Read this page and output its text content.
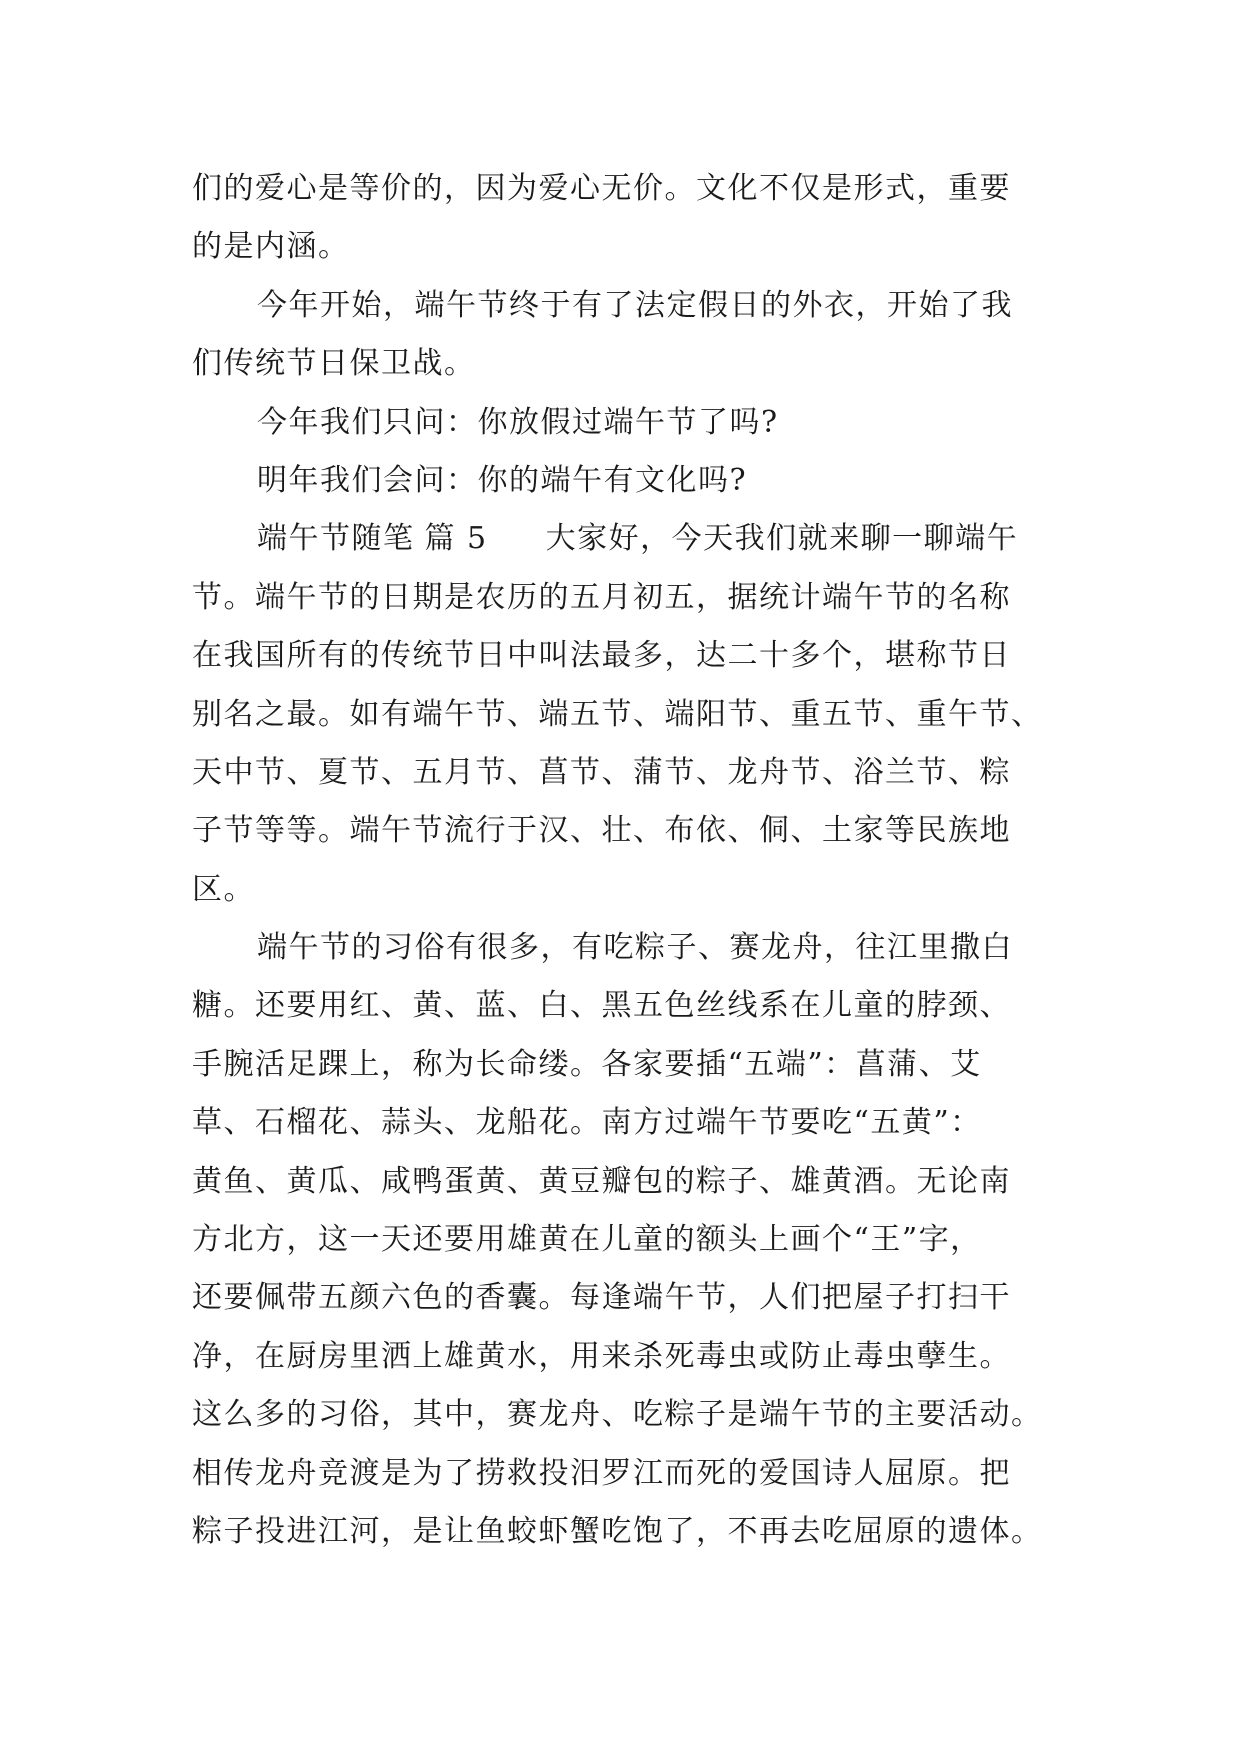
们的爱心是等价的，因为爱心无价。文化不仅是形式，重要
的是内涵。
今年开始，端午节终于有了法定假日的外衣，开始了我
们传统节日保卫战。
今年我们只问：你放假过端午节了吗?
明年我们会问：你的端午有文化吗?
端午节随笔 篇 5 大家好，今天我们就来聊一聊端午
节。端午节的日期是农历的五月初五，据统计端午节的名称
在我国所有的传统节日中叫法最多，达二十多个，堪称节日
别名之最。如有端午节、端五节、端阳节、重五节、重午节、
天中节、夏节、五月节、菖节、蒲节、龙舟节、浴兰节、粽
子节等等。端午节流行于汉、壮、布依、侗、土家等民族地
区。
端午节的习俗有很多，有吃粽子、赛龙舟，往江里撒白
糖。还要用红、黄、蓝、白、黑五色丝线系在儿童的脖颈、
手腕活足踝上，称为长命缕。各家要插“五端”：菖蒲、艾
草、石榴花、蒜头、龙船花。南方过端午节要吃“五黄”：
黄鱼、黄瓜、咸鸭蛋黄、黄豆瓣包的粽子、雄黄酒。无论南
方北方，这一天还要用雄黄在儿童的额头上画个“王”字，
还要佩带五颜六色的香囊。每逢端午节，人们把屋子打扫干
净，在厨房里洒上雄黄水，用来杀死毒虫或防止毒虫孽生。
这么多的习俗，其中，赛龙舟、吃粽子是端午节的主要活动。
相传龙舟竞渡是为了捞救投汨罗江而死的爱国诗人屈原。把
粽子投进江河，是让鱼蛟虾蟹吃饱了，不再去吃屈原的遗体。
